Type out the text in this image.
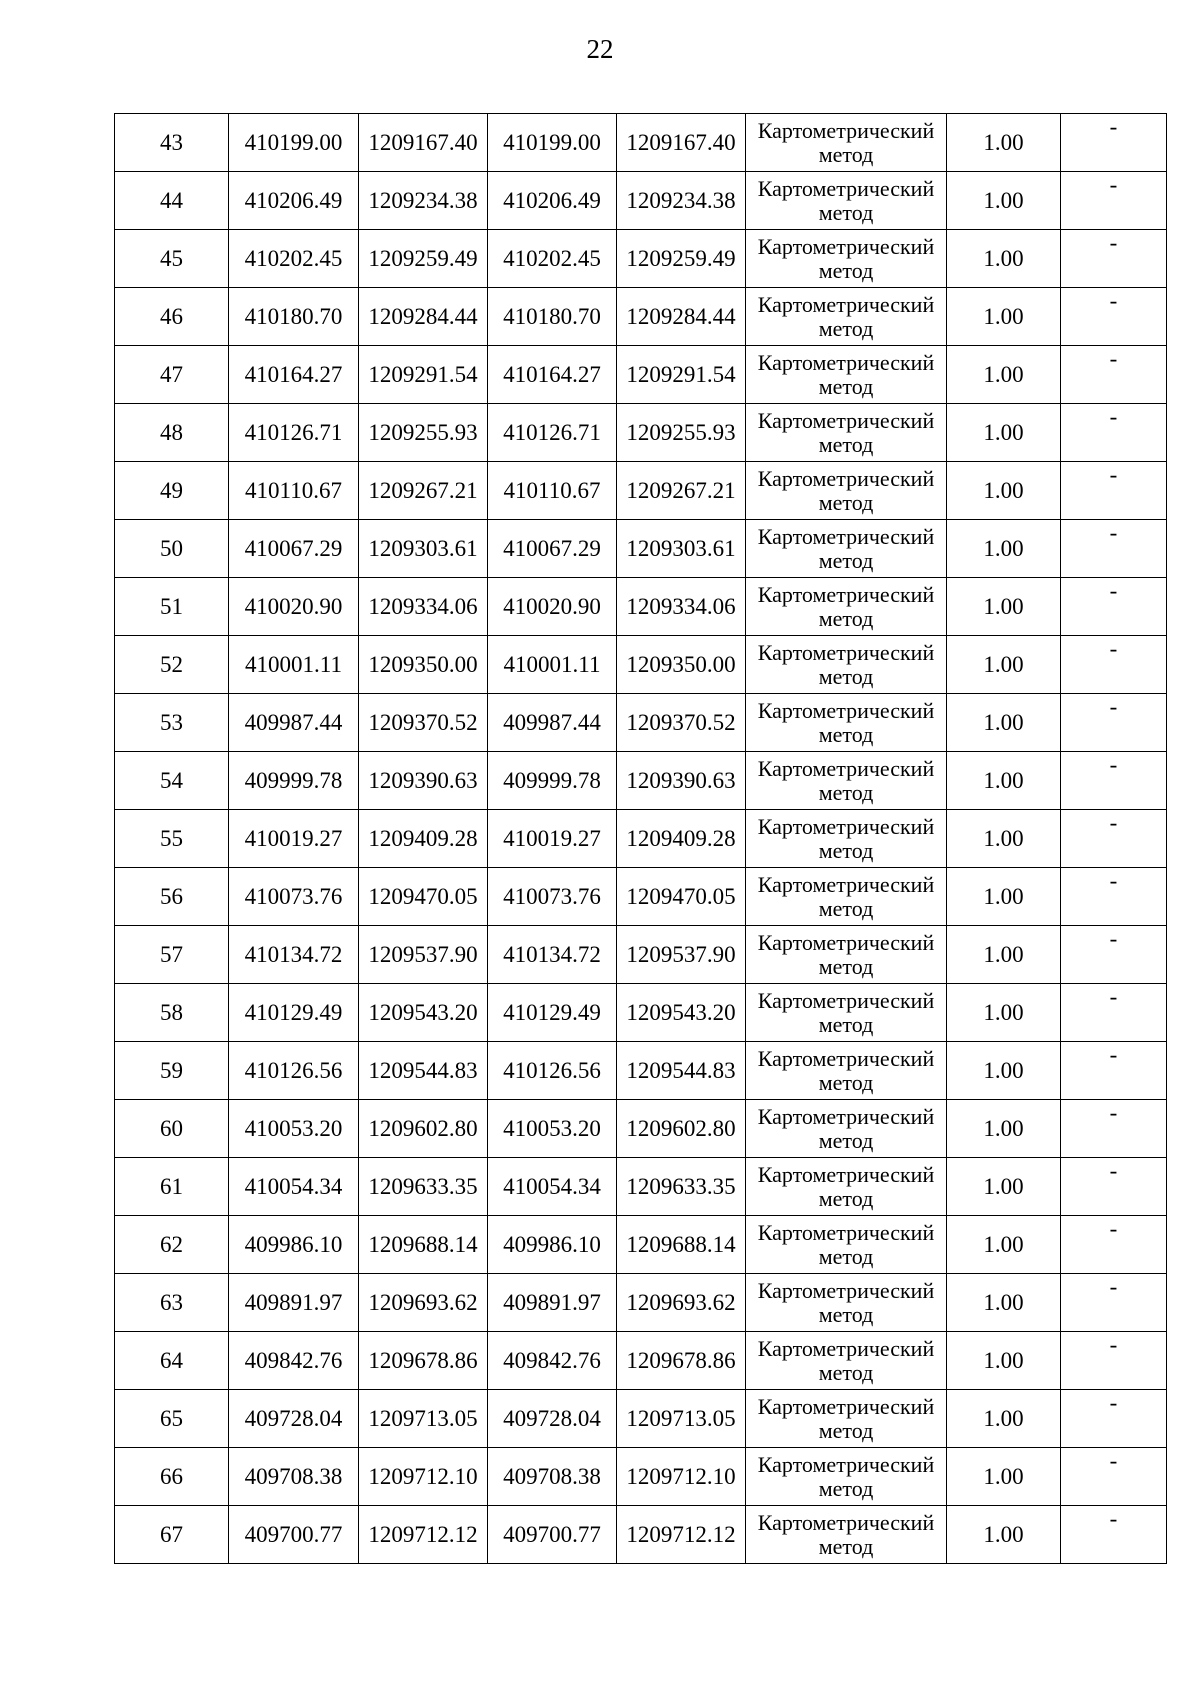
22
43	410199.00	1209167.40	410199.00	1209167.40	Картометрический
метод	1.00	-
44	410206.49	1209234.38	410206.49	1209234.38	Картометрический
метод	1.00	-
45	410202.45	1209259.49	410202.45	1209259.49	Картометрический
метод	1.00	-
46	410180.70	1209284.44	410180.70	1209284.44	Картометрический
метод	1.00	-
47	410164.27	1209291.54	410164.27	1209291.54	Картометрический
метод	1.00	-
48	410126.71	1209255.93	410126.71	1209255.93	Картометрический
метод	1.00	-
49	410110.67	1209267.21	410110.67	1209267.21	Картометрический
метод	1.00	-
50	410067.29	1209303.61	410067.29	1209303.61	Картометрический
метод	1.00	-
51	410020.90	1209334.06	410020.90	1209334.06	Картометрический
метод	1.00	-
52	410001.11	1209350.00	410001.11	1209350.00	Картометрический
метод	1.00	-
53	409987.44	1209370.52	409987.44	1209370.52	Картометрический
метод	1.00	-
54	409999.78	1209390.63	409999.78	1209390.63	Картометрический
метод	1.00	-
55	410019.27	1209409.28	410019.27	1209409.28	Картометрический
метод	1.00	-
56	410073.76	1209470.05	410073.76	1209470.05	Картометрический
метод	1.00	-
57	410134.72	1209537.90	410134.72	1209537.90	Картометрический
метод	1.00	-
58	410129.49	1209543.20	410129.49	1209543.20	Картометрический
метод	1.00	-
59	410126.56	1209544.83	410126.56	1209544.83	Картометрический
метод	1.00	-
60	410053.20	1209602.80	410053.20	1209602.80	Картометрический
метод	1.00	-
61	410054.34	1209633.35	410054.34	1209633.35	Картометрический
метод	1.00	-
62	409986.10	1209688.14	409986.10	1209688.14	Картометрический
метод	1.00	-
63	409891.97	1209693.62	409891.97	1209693.62	Картометрический
метод	1.00	-
64	409842.76	1209678.86	409842.76	1209678.86	Картометрический
метод	1.00	-
65	409728.04	1209713.05	409728.04	1209713.05	Картометрический
метод	1.00	-
66	409708.38	1209712.10	409708.38	1209712.10	Картометрический
метод	1.00	-
67	409700.77	1209712.12	409700.77	1209712.12	Картометрический
метод	1.00	-
